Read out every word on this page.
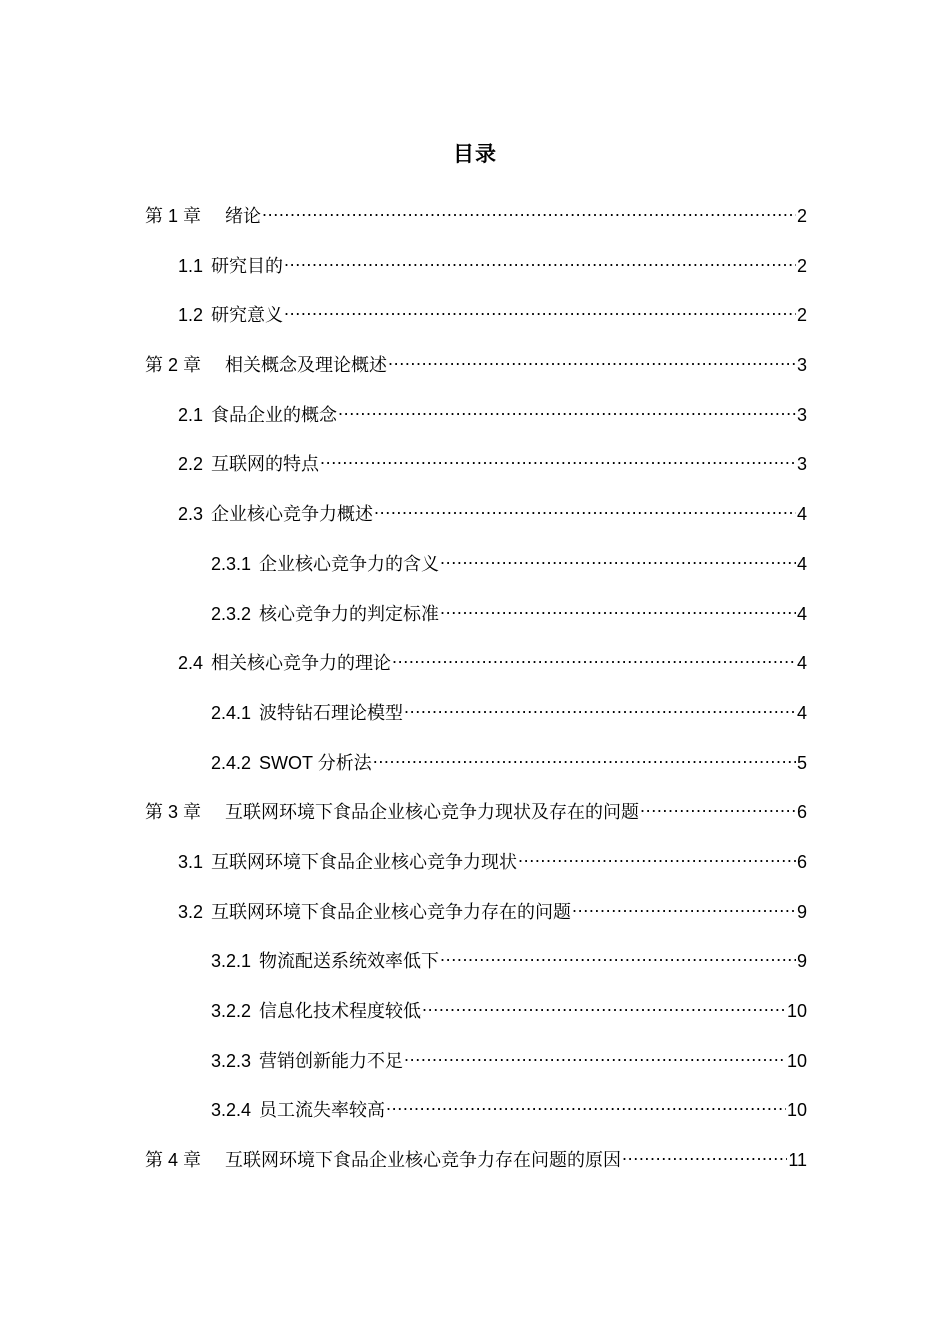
目录
第 1 章 绪论 .....	2
1.1 研究目的 .....	2
1.2 研究意义 .....	2
第 2 章 相关概念及理论概述 .....	3
2.1 食品企业的概念 .....	3
2.2 互联网的特点 .....	3
2.3 企业核心竞争力概述 .....	4
2.3.1 企业核心竞争力的含义 .....	4
2.3.2 核心竞争力的判定标准 .....	4
2.4 相关核心竞争力的理论 .....	4
2.4.1 波特钻石理论模型 .....	4
2.4.2 SWOT 分析法 .....	5
第 3 章 互联网环境下食品企业核心竞争力现状及存在的问题 .....	6
3.1 互联网环境下食品企业核心竞争力现状 .....	6
3.2 互联网环境下食品企业核心竞争力存在的问题 .....	9
3.2.1 物流配送系统效率低下 .....	9
3.2.2 信息化技术程度较低 .....	10
3.2.3 营销创新能力不足 .....	10
3.2.4 员工流失率较高 .....	10
第 4 章 互联网环境下食品企业核心竞争力存在问题的原因 .....	11
